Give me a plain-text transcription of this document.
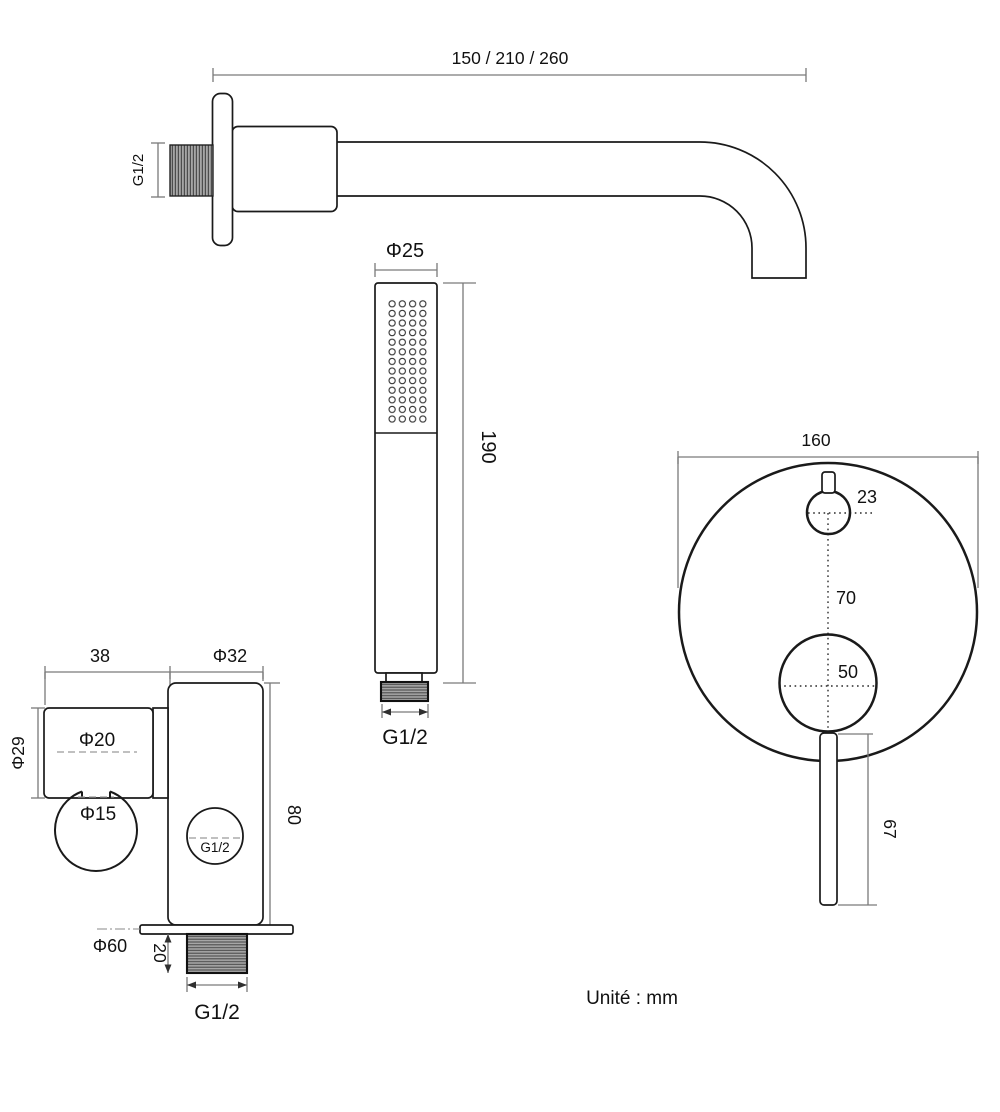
150 / 210 / 260
G1/2
Φ25
190
G1/2
160
23
70
50
67
38	Φ32
Φ20
Φ15
Φ29
G1/2
80
Φ60 20
G1/2
Unité : mm
